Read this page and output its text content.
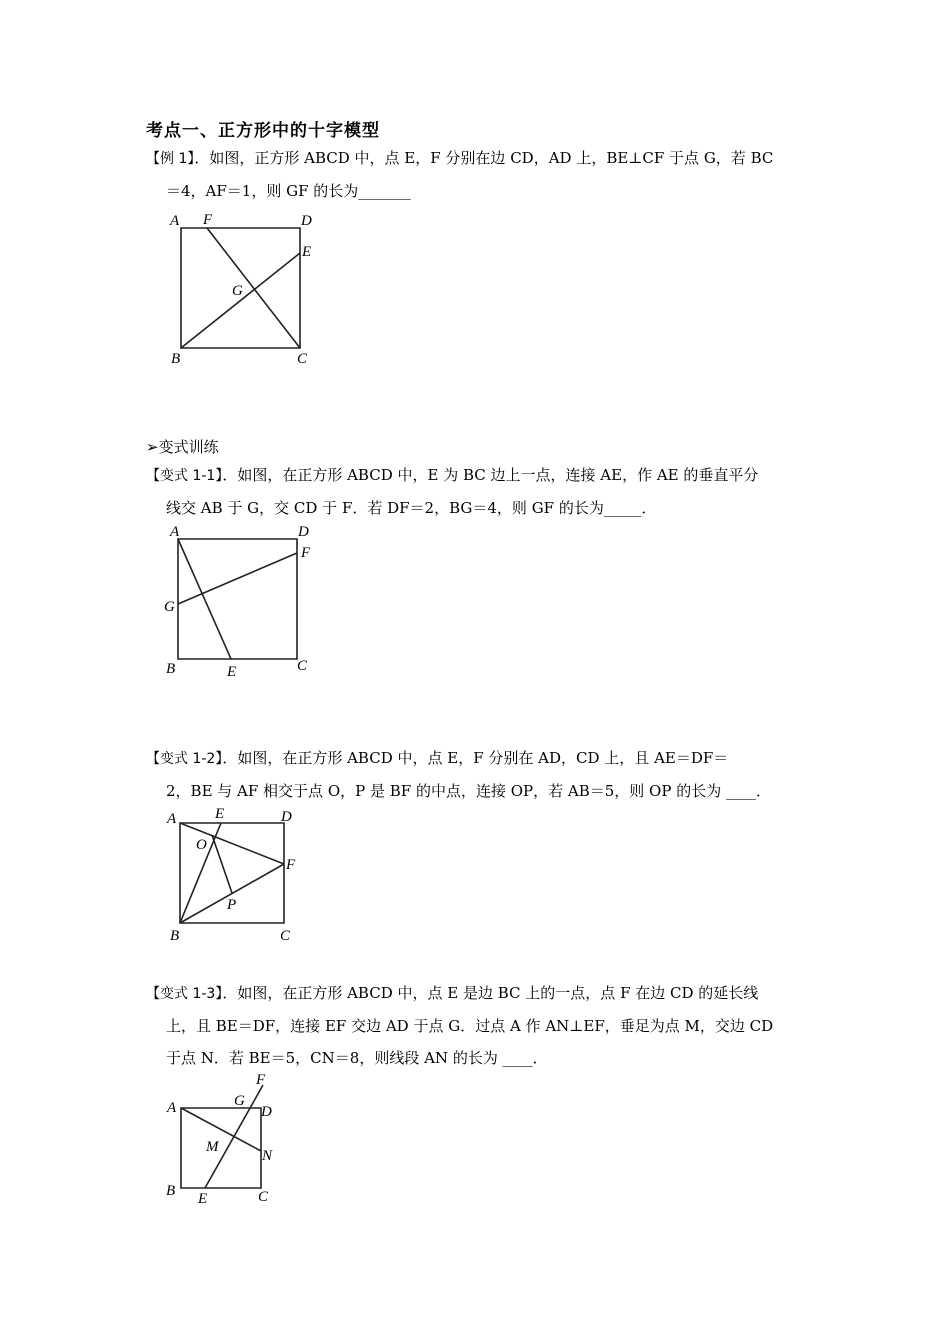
考点一、正方形中的十字模型
【例 1】．如图，正方形 ABCD 中，点 E，F 分别在边 CD，AD 上，BE⊥CF 于点 G，若 BC
＝4，AF＝1，则 GF 的长为_______
A F	D
E
G
B	C
➢变式训练
【变式 1-1】．如图，在正方形 ABCD 中，E 为 BC 边上一点，连接 AE，作 AE 的垂直平分
线交 AB 于 G，交 CD 于 F．若 DF＝2，BG＝4，则 GF 的长为_____．
A	D
F
G
B	E	C
【变式 1-2】．如图，在正方形 ABCD 中，点 E，F 分别在 AD，CD 上，且 AE＝DF＝
2，BE 与 AF 相交于点 O，P 是 BF 的中点，连接 OP，若 AB＝5，则 OP 的长为 ____．
A	E	D
O
F
P
B	C
【变式 1-3】．如图，在正方形 ABCD 中，点 E 是边 BC 上的一点，点 F 在边 CD 的延长线
上，且 BE＝DF，连接 EF 交边 AD 于点 G．过点 A 作 AN⊥EF，垂足为点 M，交边 CD
于点 N．若 BE＝5，CN＝8，则线段 AN 的长为 ____．
F
A	G
D
M
N
B E	C
